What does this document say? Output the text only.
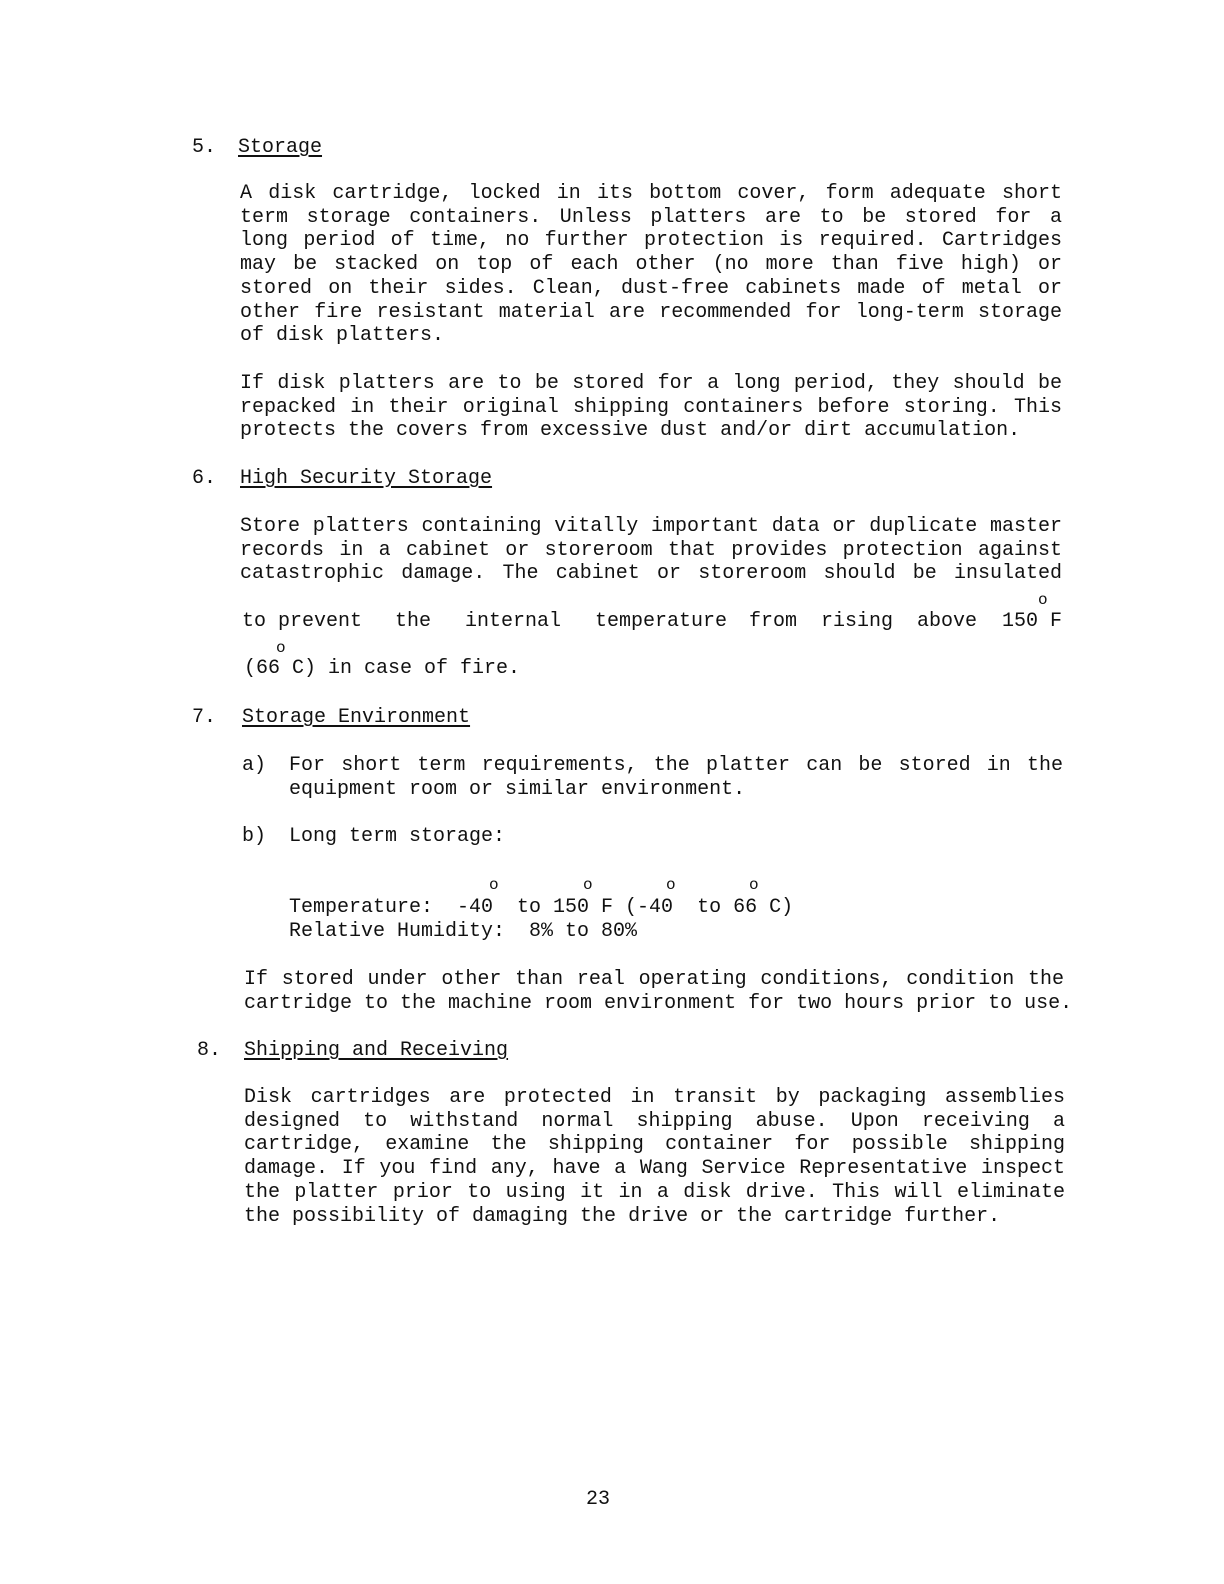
5. Storage
A disk cartridge, locked in its bottom cover, form adequate short
term storage containers. Unless platters are to be stored for a
long period of time, no further protection is required. Cartridges
may be stacked on top of each other (no more than five high) or
stored on their sides. Clean, dust-free cabinets made of metal or
other fire resistant material are recommended for long-term storage
of disk platters.
If disk platters are to be stored for a long period, they should be
repacked in their original shipping containers before storing. This
protects the covers from excessive dust and/or dirt accumulation.
6. High Security Storage
Store platters containing vitally important data or duplicate master
records in a cabinet or storeroom that provides protection against
catastrophic damage. The cabinet or storeroom should be insulated
o
to prevent the internal temperature from rising above 150 F
o
(66 C) in case of fire.
7. Storage Environment
a) For short term requirements, the platter can be stored in the
equipment room or similar environment.
b) Long term storage:
o	o	o	o
Temperature:  -40  to 150 F (-40  to 66 C)
Relative Humidity:  8% to 80%
If stored under other than real operating conditions, condition the
cartridge to the machine room environment for two hours prior to use.
8. Shipping and Receiving
Disk cartridges are protected in transit by packaging assemblies
designed to withstand normal shipping abuse. Upon receiving a
cartridge, examine the shipping container for possible shipping
damage. If you find any, have a Wang Service Representative inspect
the platter prior to using it in a disk drive. This will eliminate
the possibility of damaging the drive or the cartridge further.
23
